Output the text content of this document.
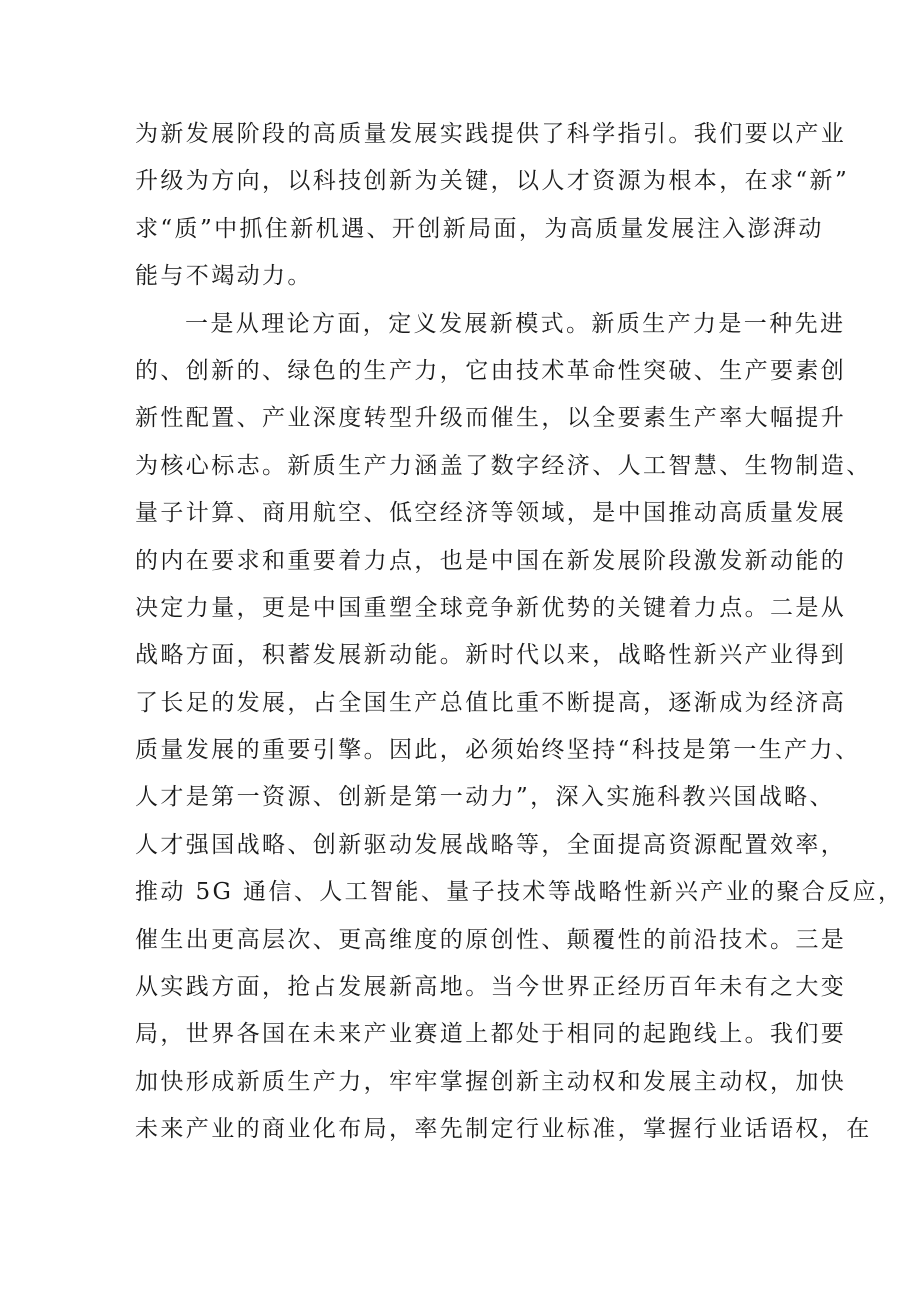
为新发展阶段的高质量发展实践提供了科学指引。我们要以产业
升级为方向，以科技创新为关键，以人才资源为根本，在求“新”
求“质”中抓住新机遇、开创新局面，为高质量发展注入澎湃动
能与不竭动力。
一是从理论方面，定义发展新模式。新质生产力是一种先进
的、创新的、绿色的生产力，它由技术革命性突破、生产要素创
新性配置、产业深度转型升级而催生，以全要素生产率大幅提升
为核心标志。新质生产力涵盖了数字经济、人工智慧、生物制造、
量子计算、商用航空、低空经济等领域，是中国推动高质量发展
的内在要求和重要着力点，也是中国在新发展阶段激发新动能的
决定力量，更是中国重塑全球竞争新优势的关键着力点。二是从
战略方面，积蓄发展新动能。新时代以来，战略性新兴产业得到
了长足的发展，占全国生产总值比重不断提高，逐渐成为经济高
质量发展的重要引擎。因此，必须始终坚持“科技是第一生产力、
人才是第一资源、创新是第一动力”，深入实施科教兴国战略、
人才强国战略、创新驱动发展战略等，全面提高资源配置效率，
推动 5G 通信、人工智能、量子技术等战略性新兴产业的聚合反应，
催生出更高层次、更高维度的原创性、颠覆性的前沿技术。三是
从实践方面，抢占发展新高地。当今世界正经历百年未有之大变
局，世界各国在未来产业赛道上都处于相同的起跑线上。我们要
加快形成新质生产力，牢牢掌握创新主动权和发展主动权，加快
未来产业的商业化布局，率先制定行业标准，掌握行业话语权，在
